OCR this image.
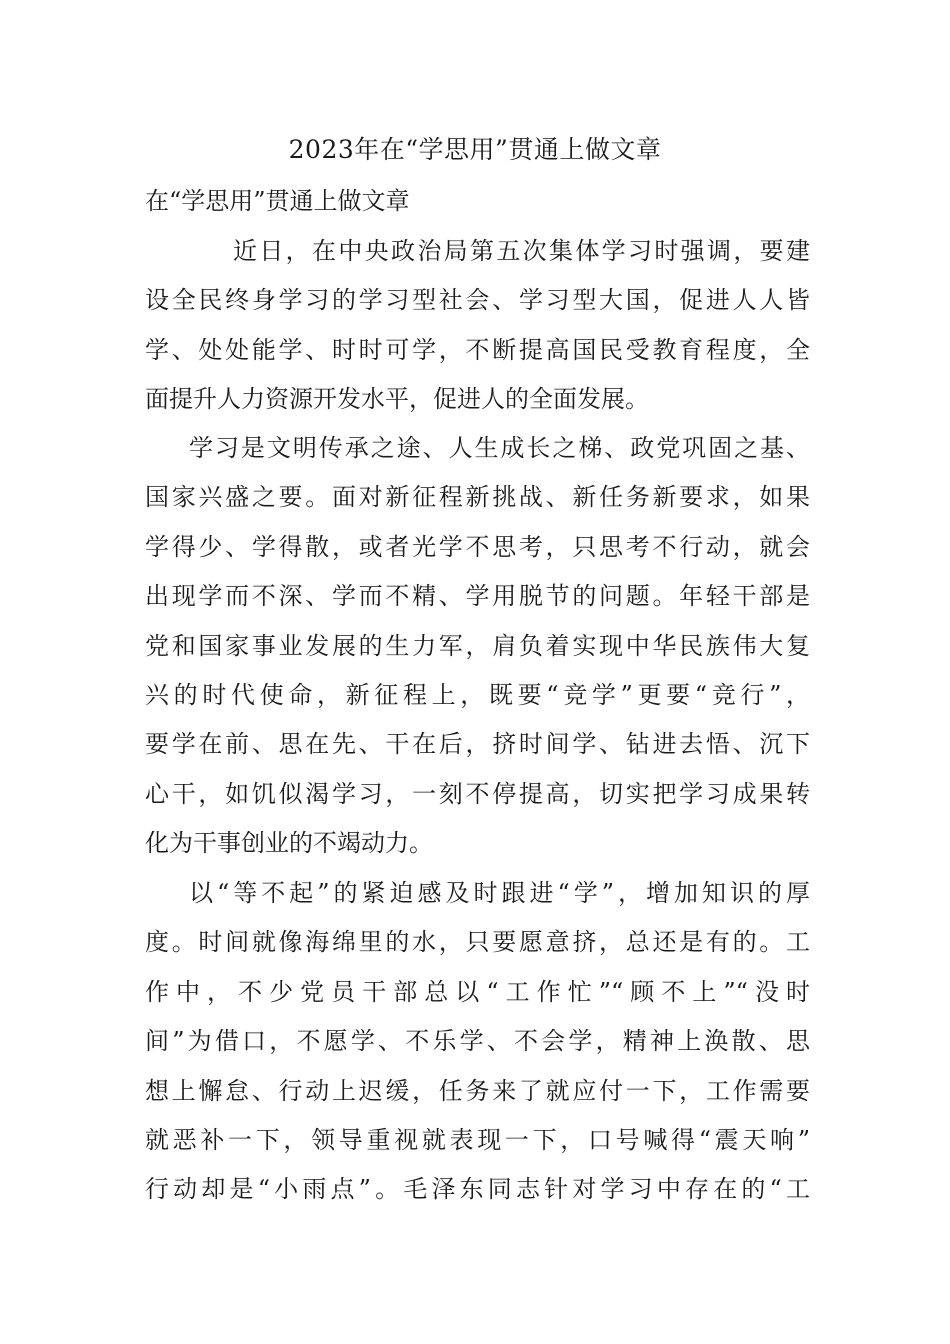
2023年在“学思用”贯通上做文章
在“学思用”贯通上做文章
近日，在中央政治局第五次集体学习时强调，要建
设全民终身学习的学习型社会、学习型大国，促进人人皆
学、处处能学、时时可学，不断提高国民受教育程度，全
面提升人力资源开发水平，促进人的全面发展。
学习是文明传承之途、人生成长之梯、政党巩固之基、
国家兴盛之要。面对新征程新挑战、新任务新要求，如果
学得少、学得散，或者光学不思考，只思考不行动，就会
出现学而不深、学而不精、学用脱节的问题。年轻干部是
党和国家事业发展的生力军，肩负着实现中华民族伟大复
兴的时代使命，新征程上，既要“竞学”更要“竞行”，
要学在前、思在先、干在后，挤时间学、钻进去悟、沉下
心干，如饥似渴学习，一刻不停提高，切实把学习成果转
化为干事创业的不竭动力。
以“等不起”的紧迫感及时跟进“学”，增加知识的厚
度。时间就像海绵里的水，只要愿意挤，总还是有的。工
作中，不少党员干部总以“工作忙”“顾不上”“没时
间”为借口，不愿学、不乐学、不会学，精神上涣散、思
想上懈怠、行动上迟缓，任务来了就应付一下，工作需要
就恶补一下，领导重视就表现一下，口号喊得“震天响”
行动却是“小雨点”。毛泽东同志针对学习中存在的“工
